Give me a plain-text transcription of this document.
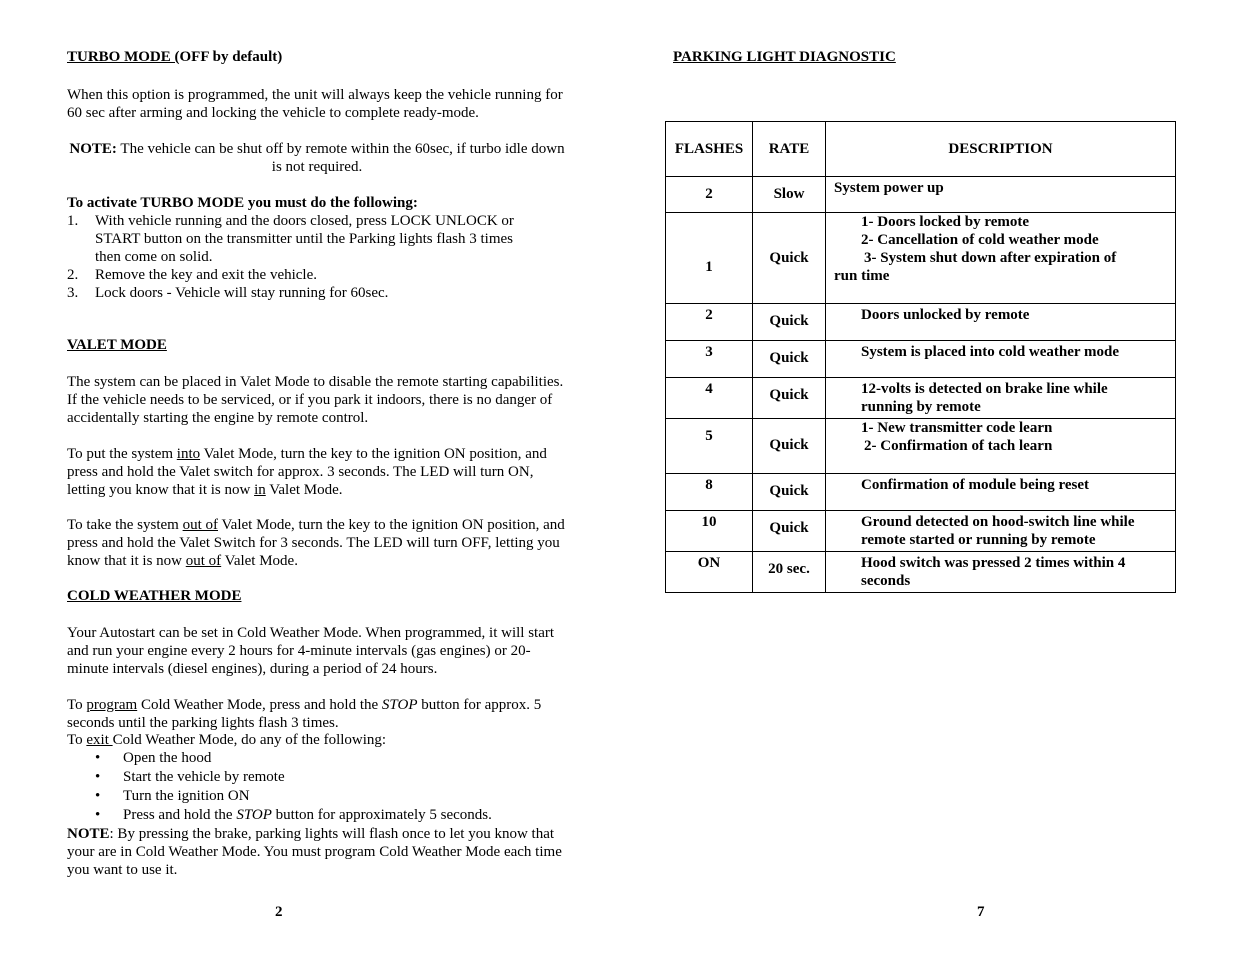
TURBO MODE (OFF by default)

When this option is programmed, the unit will always keep the vehicle running for 60 sec after arming and locking the vehicle to complete ready-mode.

NOTE: The vehicle can be shut off by remote within the 60sec, if turbo idle down is not required.

To activate TURBO MODE you must do the following:

1. With vehicle running and the doors closed, press LOCK UNLOCK or START button on the transmitter until the Parking lights flash 3 times then come on solid.
2. Remove the key and exit the vehicle.
3. Lock doors - Vehicle will stay running for 60sec.
VALET MODE

The system can be placed in Valet Mode to disable the remote starting capabilities. If the vehicle needs to be serviced, or if you park it indoors, there is no danger of accidentally starting the engine by remote control.

To put the system into Valet Mode, turn the key to the ignition ON position, and press and hold the Valet switch for approx. 3 seconds. The LED will turn ON, letting you know that it is now in Valet Mode.

To take the system out of Valet Mode, turn the key to the ignition ON position, and press and hold the Valet Switch for 3 seconds. The LED will turn OFF, letting you know that it is now out of Valet Mode.

COLD WEATHER MODE

Your Autostart can be set in Cold Weather Mode. When programmed, it will start and run your engine every 2 hours for 4-minute intervals (gas engines) or 20-minute intervals (diesel engines), during a period of 24 hours.

To program Cold Weather Mode, press and hold the STOP button for approx. 5 seconds until the parking lights flash 3 times.

To exit Cold Weather Mode, do any of the following:

• Open the hood
• Start the vehicle by remote
• Turn the ignition ON
• Press and hold the STOP button for approximately 5 seconds.

NOTE: By pressing the brake, parking lights will flash once to let you know that your are in Cold Weather Mode. You must program Cold Weather Mode each time you want to use it.

2
PARKING LIGHT DIAGNOSTIC
FLASHES	RATE	DESCRIPTION
2	Slow	System power up

1	Quick	1- Doors locked by remote
2- Cancellation of cold weather mode
3- System shut down after expiration of
run time

2	Quick	Doors unlocked by remote

3	Quick	System is placed into cold weather mode

4	Quick	12-volts is detected on brake line while
running by remote

5	Quick	1- New transmitter code learn
2- Confirmation of tach learn

8	Quick	Confirmation of module being reset

10	Quick	Ground detected on hood-switch line while
remote started or running by remote

ON	20 sec.	Hood switch was pressed 2 times within 4
seconds
7
